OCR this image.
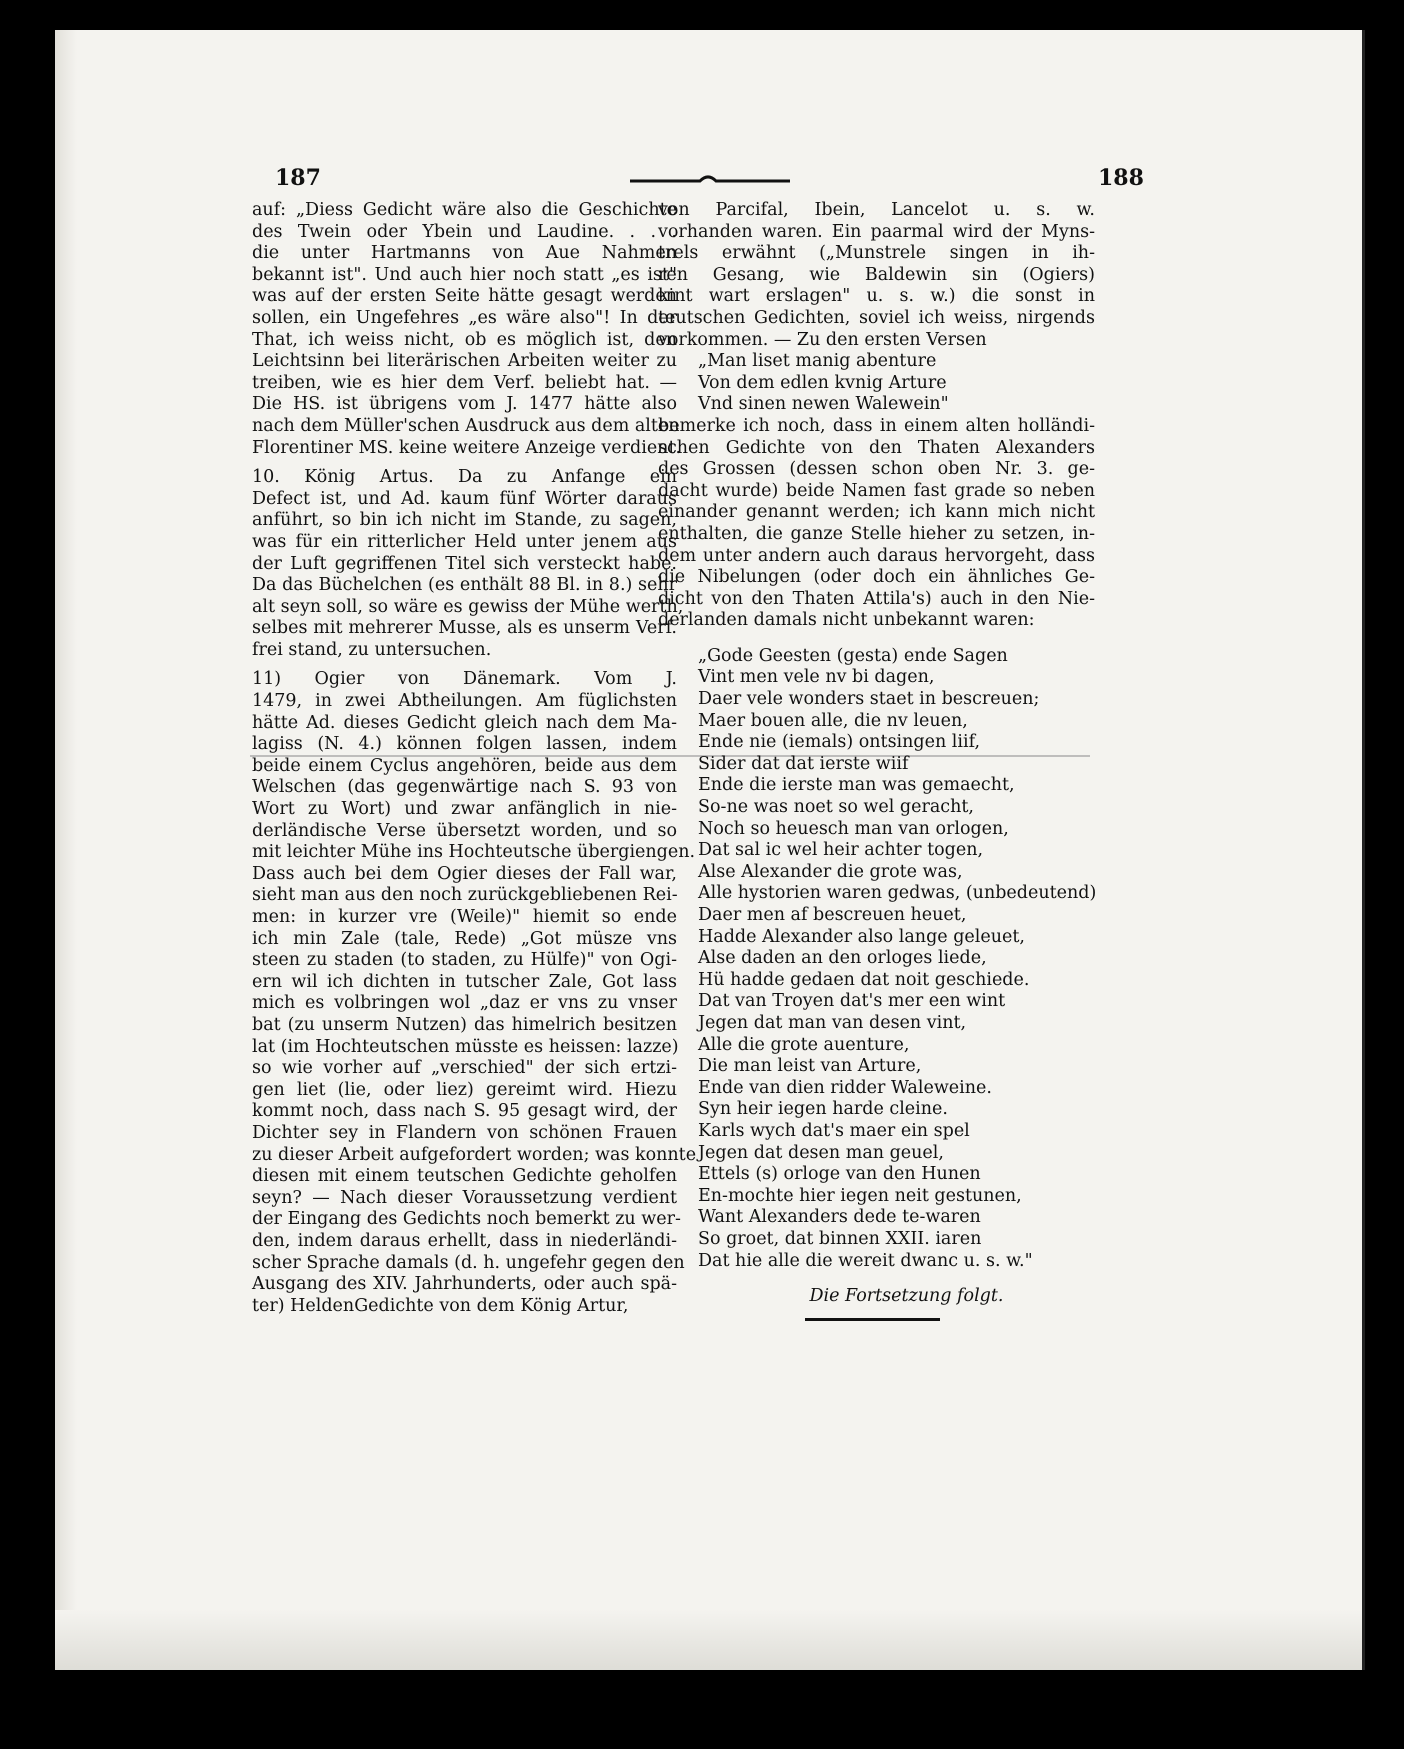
187	188
auf: „Diess Gedicht wäre also die Geschichte
des Twein oder Ybein und Laudine. . . .
die unter Hartmanns von Aue Nahmen
bekannt ist". Und auch hier noch statt „es ist"
was auf der ersten Seite hätte gesagt werden
sollen, ein Ungefehres „es wäre also"! In der
That, ich weiss nicht, ob es möglich ist, den
Leichtsinn bei literärischen Arbeiten weiter zu
treiben, wie es hier dem Verf. beliebt hat. —
Die HS. ist übrigens vom J. 1477 hätte also
nach dem Müller'schen Ausdruck aus dem alten
Florentiner MS. keine weitere Anzeige verdient.
10. König Artus. Da zu Anfange ein
Defect ist, und Ad. kaum fünf Wörter daraus
anführt, so bin ich nicht im Stande, zu sagen,
was für ein ritterlicher Held unter jenem aus
der Luft gegriffenen Titel sich versteckt habe.
Da das Büchelchen (es enthält 88 Bl. in 8.) sehr
alt seyn soll, so wäre es gewiss der Mühe werth,
selbes mit mehrerer Musse, als es unserm Verf.
frei stand, zu untersuchen.
11) Ogier von Dänemark. Vom J.
1479, in zwei Abtheilungen. Am füglichsten
hätte Ad. dieses Gedicht gleich nach dem Ma-
lagiss (N. 4.) können folgen lassen, indem
beide einem Cyclus angehören, beide aus dem
Welschen (das gegenwärtige nach S. 93 von
Wort zu Wort) und zwar anfänglich in nie-
derländische Verse übersetzt worden, und so
mit leichter Mühe ins Hochteutsche übergiengen.
Dass auch bei dem Ogier dieses der Fall war,
sieht man aus den noch zurückgebliebenen Rei-
men: in kurzer vre (Weile)" hiemit so ende
ich min Zale (tale, Rede) „Got müsze vns
steen zu staden (to staden, zu Hülfe)" von Ogi-
ern wil ich dichten in tutscher Zale, Got lass
mich es volbringen wol „daz er vns zu vnser
bat (zu unserm Nutzen) das himelrich besitzen
lat (im Hochteutschen müsste es heissen: lazze)
so wie vorher auf „verschied" der sich ertzi-
gen liet (lie, oder liez) gereimt wird. Hiezu
kommt noch, dass nach S. 95 gesagt wird, der
Dichter sey in Flandern von schönen Frauen
zu dieser Arbeit aufgefordert worden; was konnte
diesen mit einem teutschen Gedichte geholfen
seyn? — Nach dieser Voraussetzung verdient
der Eingang des Gedichts noch bemerkt zu wer-
den, indem daraus erhellt, dass in niederländi-
scher Sprache damals (d. h. ungefehr gegen den
Ausgang des XIV. Jahrhunderts, oder auch spä-
ter) HeldenGedichte von dem König Artur,
von Parcifal, Ibein, Lancelot u. s. w.
vorhanden waren. Ein paarmal wird der Myns-
trels erwähnt („Munstrele singen in ih-
ren Gesang, wie Baldewin sin (Ogiers)
kint wart erslagen" u. s. w.) die sonst in
teutschen Gedichten, soviel ich weiss, nirgends
vorkommen. — Zu den ersten Versen
„Man liset manig abenture
Von dem edlen kvnig Arture
Vnd sinen newen Walewein"
bemerke ich noch, dass in einem alten holländi-
schen Gedichte von den Thaten Alexanders
des Grossen (dessen schon oben Nr. 3. ge-
dacht wurde) beide Namen fast grade so neben
einander genannt werden; ich kann mich nicht
enthalten, die ganze Stelle hieher zu setzen, in-
dem unter andern auch daraus hervorgeht, dass
die Nibelungen (oder doch ein ähnliches Ge-
dicht von den Thaten Attila's) auch in den Nie-
derlanden damals nicht unbekannt waren:
„Gode Geesten (gesta) ende Sagen
Vint men vele nv bi dagen,
Daer vele wonders staet in bescreuen;
Maer bouen alle, die nv leuen,
Ende nie (iemals) ontsingen liif,
Sider dat dat ierste wiif
Ende die ierste man was gemaecht,
So-ne was noet so wel geracht,
Noch so heuesch man van orlogen,
Dat sal ic wel heir achter togen,
Alse Alexander die grote was,
Alle hystorien waren gedwas, (unbedeutend)
Daer men af bescreuen heuet,
Hadde Alexander also lange geleuet,
Alse daden an den orloges liede,
Hü hadde gedaen dat noit geschiede.
Dat van Troyen dat's mer een wint
Jegen dat man van desen vint,
Alle die grote auenture,
Die man leist van Arture,
Ende van dien ridder Waleweine.
Syn heir iegen harde cleine.
Karls wych dat's maer ein spel
Jegen dat desen man geuel,
Ettels (s) orloge van den Hunen
En-mochte hier iegen neit gestunen,
Want Alexanders dede te-waren
So groet, dat binnen XXII. iaren
Dat hie alle die wereit dwanc u. s. w."
Die Fortsetzung folgt.
